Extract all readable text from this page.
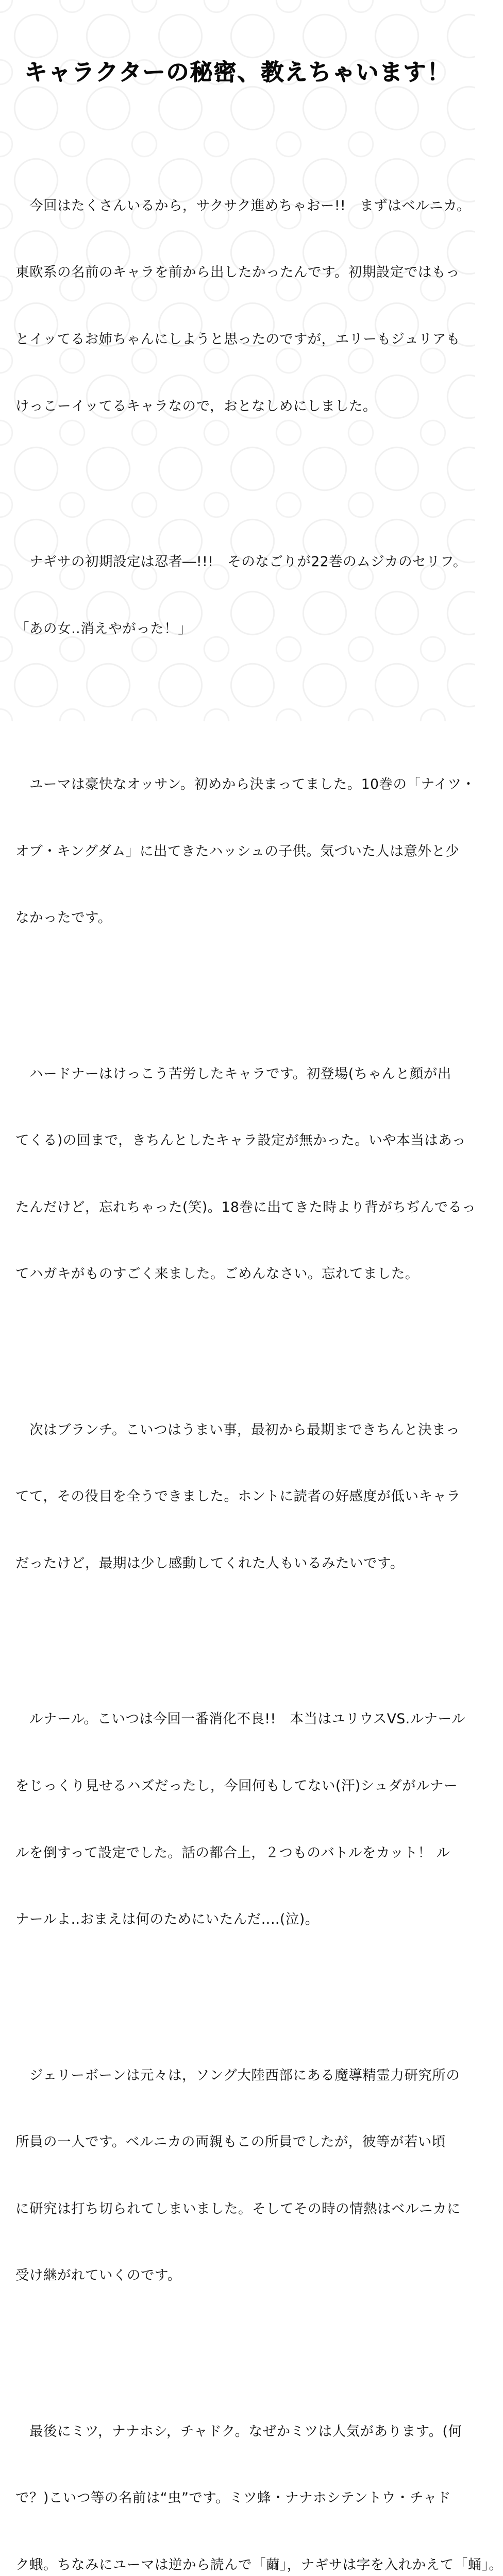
キャラクターの秘密、教えちゃいます！

　今回はたくさんいるから，サクサク進めちゃおー!!　まずはベルニカ。

東欧系の名前のキャラを前から出したかったんです。初期設定ではもっ

とイッてるお姉ちゃんにしようと思ったのですが，エリーもジュリアも

けっこーイッてるキャラなので，おとなしめにしました。

　ナギサの初期設定は忍者―!!!　そのなごりが22巻のムジカのセリフ。

「あの女‥消えやがった！」

　ユーマは豪快なオッサン。初めから決まってました。10巻の「ナイツ・

オブ・キングダム」に出てきたハッシュの子供。気づいた人は意外と少

なかったです。

　ハードナーはけっこう苦労したキャラです。初登場(ちゃんと顔が出

てくる)の回まで，きちんとしたキャラ設定が無かった。いや本当はあっ

たんだけど，忘れちゃった(笑)。18巻に出てきた時より背がちぢんでるっ

てハガキがものすごく来ました。ごめんなさい。忘れてました。

　次はブランチ。こいつはうまい事，最初から最期まできちんと決まっ

てて，その役目を全うできました。ホントに読者の好感度が低いキャラ

だったけど，最期は少し感動してくれた人もいるみたいです。

　ルナール。こいつは今回一番消化不良!!　本当はユリウスVS.ルナール

をじっくり見せるハズだったし，今回何もしてない(汗)シュダがルナー

ルを倒すって設定でした。話の都合上，２つものバトルをカット！ ル

ナールよ‥おまえは何のためにいたんだ‥‥(泣)。

　ジェリーボーンは元々は，ソング大陸西部にある魔導精霊力研究所の

所員の一人です。ベルニカの両親もこの所員でしたが，彼等が若い頃

に研究は打ち切られてしまいました。そしてその時の情熱はベルニカに

受け継がれていくのです。

　最後にミツ，ナナホシ，チャドク。なぜかミツは人気があります。(何

で？)こいつ等の名前は“虫”です。ミツ蜂・ナナホシテントウ・チャド

ク蛾。ちなみにユーマは逆から読んで「繭」，ナギサは字を入れかえて「蛹」。
